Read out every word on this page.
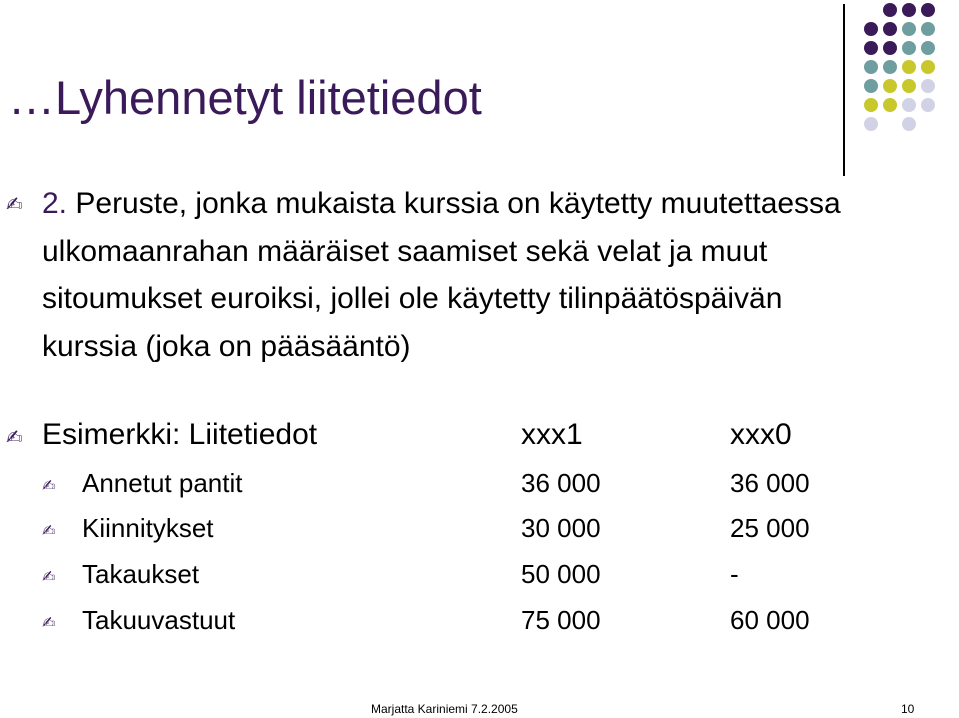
…Lyhennetyt liitetiedot
✍ 2. Peruste, jonka mukaista kurssia on käytetty muutettaessa ulkomaanrahan määräiset saamiset sekä velat ja muut sitoumukset euroiksi, jollei ole käytetty tilinpäätöspäivän kurssia (joka on pääsääntö)
✍ Esimerkki: Liitetiedot	xxx1	xxx0
✍ Annetut pantit	36 000	36 000
✍ Kiinnitykset	30 000	25 000
✍ Takaukset	50 000	-
✍ Takuuvastuut	75 000	60 000
Marjatta Kariniemi 7.2.2005	10
